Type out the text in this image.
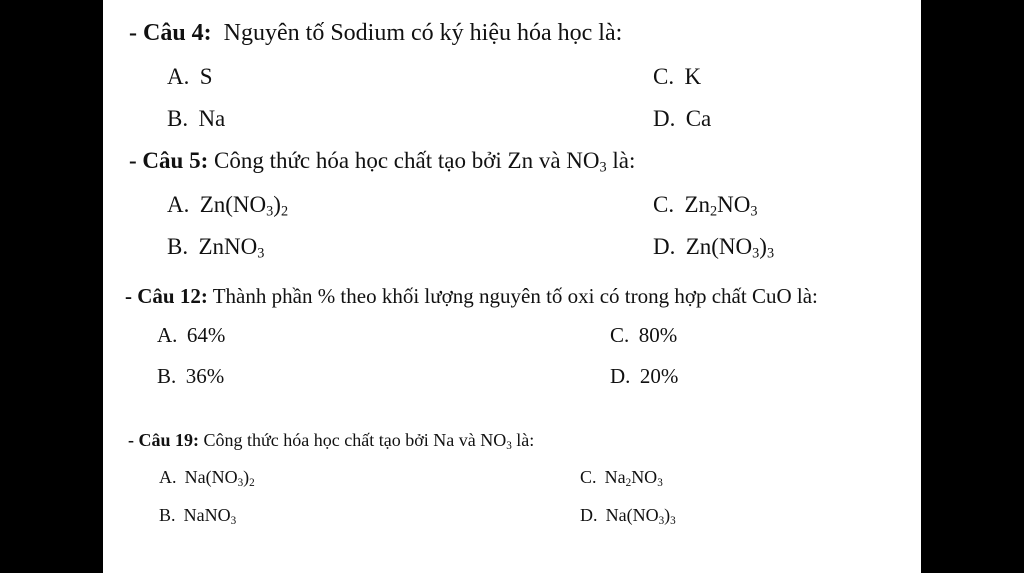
- Câu 4: Nguyên tố Sodium có ký hiệu hóa học là:
A. S	C. K
B. Na	D. Ca
- Câu 5: Công thức hóa học chất tạo bởi Zn và $NO_3$ là:
A. $Zn(NO_3)_2$	C. $Zn_2NO_3$
B. ZnNO$_3$	D. $Zn(NO_3)_3$
- Câu 12: Thành phần % theo khối lượng nguyên tố oxi có trong hợp chất CuO là:
A. 64%	C. 80%
B. 36%	D. 20%
- Câu 19: Công thức hóa học chất tạo bởi Na và $NO_3$ là:
A. $Na(NO_3)_2$	C. $Na_2NO_3$
B. NaNO$_3$	D. $Na(NO_3)_3$
